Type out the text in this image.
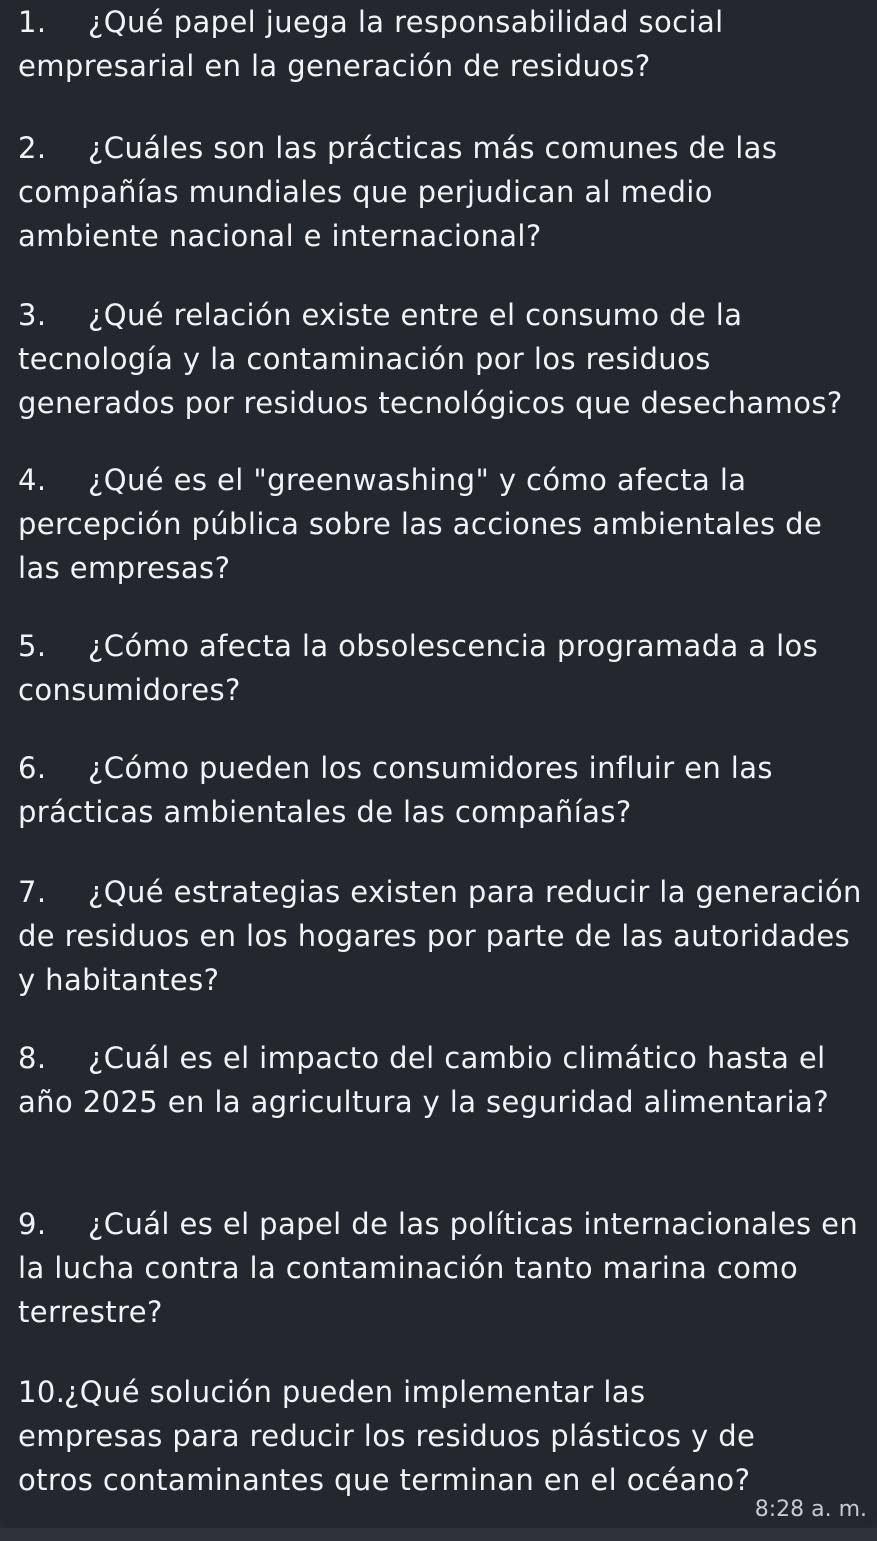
1. ¿Qué papel juega la responsabilidad social empresarial en la generación de residuos?
2. ¿Cuáles son las prácticas más comunes de las compañías mundiales que perjudican al medio ambiente nacional e internacional?
3. ¿Qué relación existe entre el consumo de la tecnología y la contaminación por los residuos generados por residuos tecnológicos que desechamos?
4. ¿Qué es el "greenwashing" y cómo afecta la percepción pública sobre las acciones ambientales de las empresas?
5. ¿Cómo afecta la obsolescencia programada a los consumidores?
6. ¿Cómo pueden los consumidores influir en las prácticas ambientales de las compañías?
7. ¿Qué estrategias existen para reducir la generación de residuos en los hogares por parte de las autoridades y habitantes?
8. ¿Cuál es el impacto del cambio climático hasta el año 2025 en la agricultura y la seguridad alimentaria?
9. ¿Cuál es el papel de las políticas internacionales en la lucha contra la contaminación tanto marina como terrestre?
10.¿Qué solución pueden implementar las empresas para reducir los residuos plásticos y de otros contaminantes que terminan en el océano?
8:28 a. m.
